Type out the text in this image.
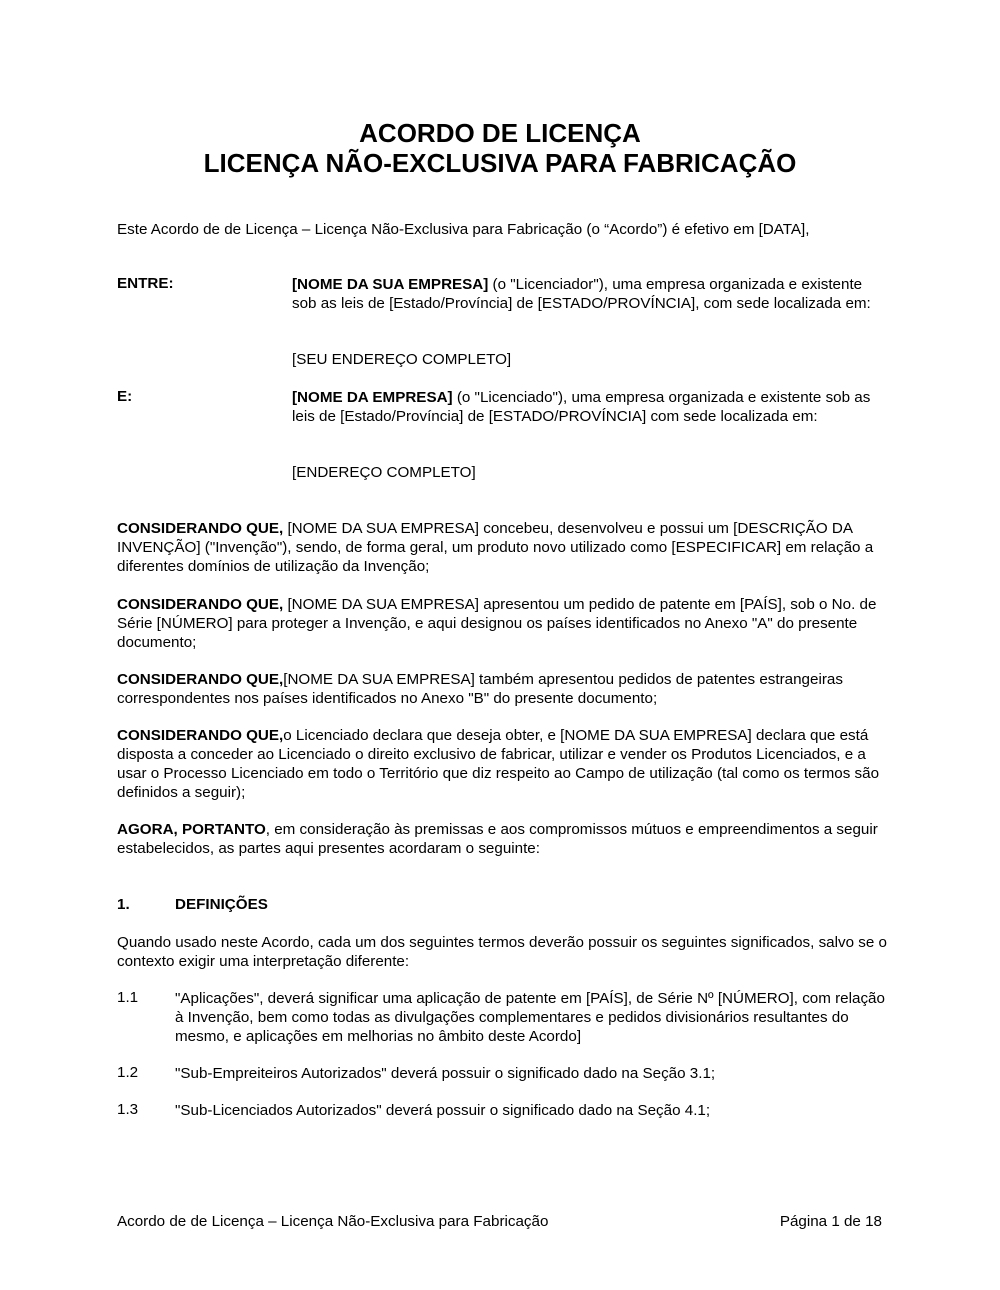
ACORDO DE LICENÇA
LICENÇA NÃO-EXCLUSIVA PARA FABRICAÇÃO

Este Acordo de de Licença – Licença Não-Exclusiva para Fabricação (o “Acordo”) é efetivo em [DATA],

ENTRE:	[NOME DA SUA EMPRESA] (o "Licenciador"), uma empresa organizada e existente sob as leis de [Estado/Província] de [ESTADO/PROVÍNCIA], com sede localizada em:
[SEU ENDEREÇO COMPLETO]
E:	[NOME DA EMPRESA] (o "Licenciado"), uma empresa organizada e existente sob as leis de [Estado/Província] de [ESTADO/PROVÍNCIA] com sede localizada em:
[ENDEREÇO COMPLETO]

CONSIDERANDO QUE, [NOME DA SUA EMPRESA] concebeu, desenvolveu e possui um [DESCRIÇÃO DA INVENÇÃO] ("Invenção"), sendo, de forma geral, um produto novo utilizado como [ESPECIFICAR] em relação a diferentes domínios de utilização da Invenção;

CONSIDERANDO QUE, [NOME DA SUA EMPRESA] apresentou um pedido de patente em [PAÍS], sob o No. de Série [NÚMERO] para proteger a Invenção, e aqui designou os países identificados no Anexo "A" do presente documento;

CONSIDERANDO QUE,[NOME DA SUA EMPRESA] também apresentou pedidos de patentes estrangeiras correspondentes nos países identificados no Anexo "B" do presente documento;

CONSIDERANDO QUE,o Licenciado declara que deseja obter, e [NOME DA SUA EMPRESA] declara que está disposta a conceder ao Licenciado o direito exclusivo de fabricar, utilizar e vender os Produtos Licenciados, e a usar o Processo Licenciado em todo o Território que diz respeito ao Campo de utilização (tal como os termos são definidos a seguir);

AGORA, PORTANTO, em consideração às premissas e aos compromissos mútuos e empreendimentos a seguir estabelecidos, as partes aqui presentes acordaram o seguinte:

1.	DEFINIÇÕES

Quando usado neste Acordo, cada um dos seguintes termos deverão possuir os seguintes significados, salvo se o contexto exigir uma interpretação diferente:

1.1 "Aplicações", deverá significar uma aplicação de patente em [PAÍS], de Série Nº [NÚMERO], com relação à Invenção, bem como todas as divulgações complementares e pedidos divisionários resultantes do mesmo, e aplicações em melhorias no âmbito deste Acordo]
1.2 "Sub-Empreiteiros Autorizados" deverá possuir o significado dado na Seção 3.1;
1.3 "Sub-Licenciados Autorizados" deverá possuir o significado dado na Seção 4.1;
Acordo de de Licença – Licença Não-Exclusiva para Fabricação	Página 1 de 18
